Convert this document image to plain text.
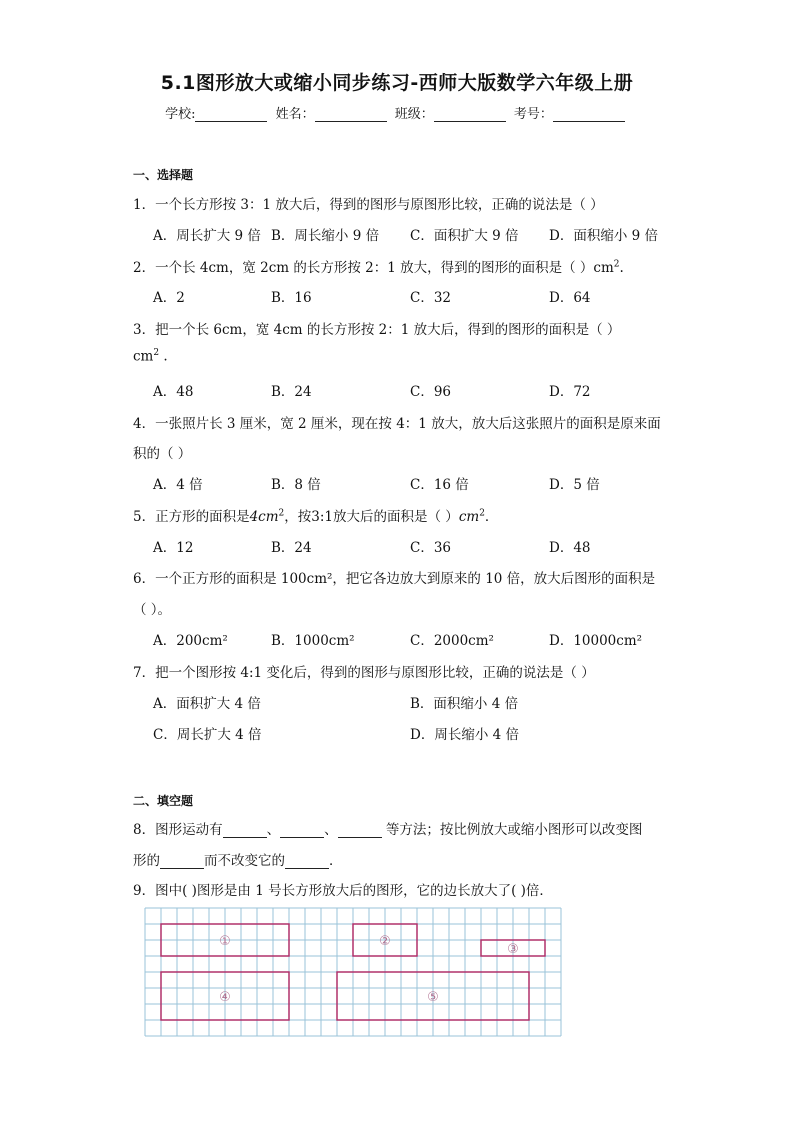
5.1图形放大或缩小同步练习-西师大版数学六年级上册
学校:	姓名：	班级：	考号：
一、选择题
1．一个长方形按 3：1 放大后，得到的图形与原图形比较，正确的说法是（ ）
A．周长扩大 9 倍 B．周长缩小 9 倍 C．面积扩大 9 倍 D．面积缩小 9 倍
2．一个长 4cm，宽 2cm 的长方形按 2：1 放大，得到的图形的面积是（ ）$cm^2$.
A．2	B．16	C．32	D．64
3．把一个长 6cm，宽 4cm 的长方形按 2：1 放大后，得到的图形的面积是（ ）
$cm^2$ .
A．48	B．24	C．96	D．72
4．一张照片长 3 厘米，宽 2 厘米，现在按 4：1 放大，放大后这张照片的面积是原来面
积的（ ）
A．4 倍	B．8 倍	C．16 倍	D．5 倍
5．正方形的面积是$4cm^2$，按3:1放大后的面积是（ ）$cm^2$．
A．12	B．24	C．36	D．48
6．一个正方形的面积是 100cm²，把它各边放大到原来的 10 倍，放大后图形的面积是
（ ）。
A．200cm²	B．1000cm²	C．2000cm²	D．10000cm²
7．把一个图形按 4:1 变化后，得到的图形与原图形比较，正确的说法是（ ）
A．面积扩大 4 倍	B．面积缩小 4 倍
C．周长扩大 4 倍	D．周长缩小 4 倍
二、填空题
8．图形运动有	、	、	等方法；按比例放大或缩小图形可以改变图
形的	而不改变它的	．
9．图中( )图形是由 1 号长方形放大后的图形，它的边长放大了( )倍．
①	②
③
④	⑤
